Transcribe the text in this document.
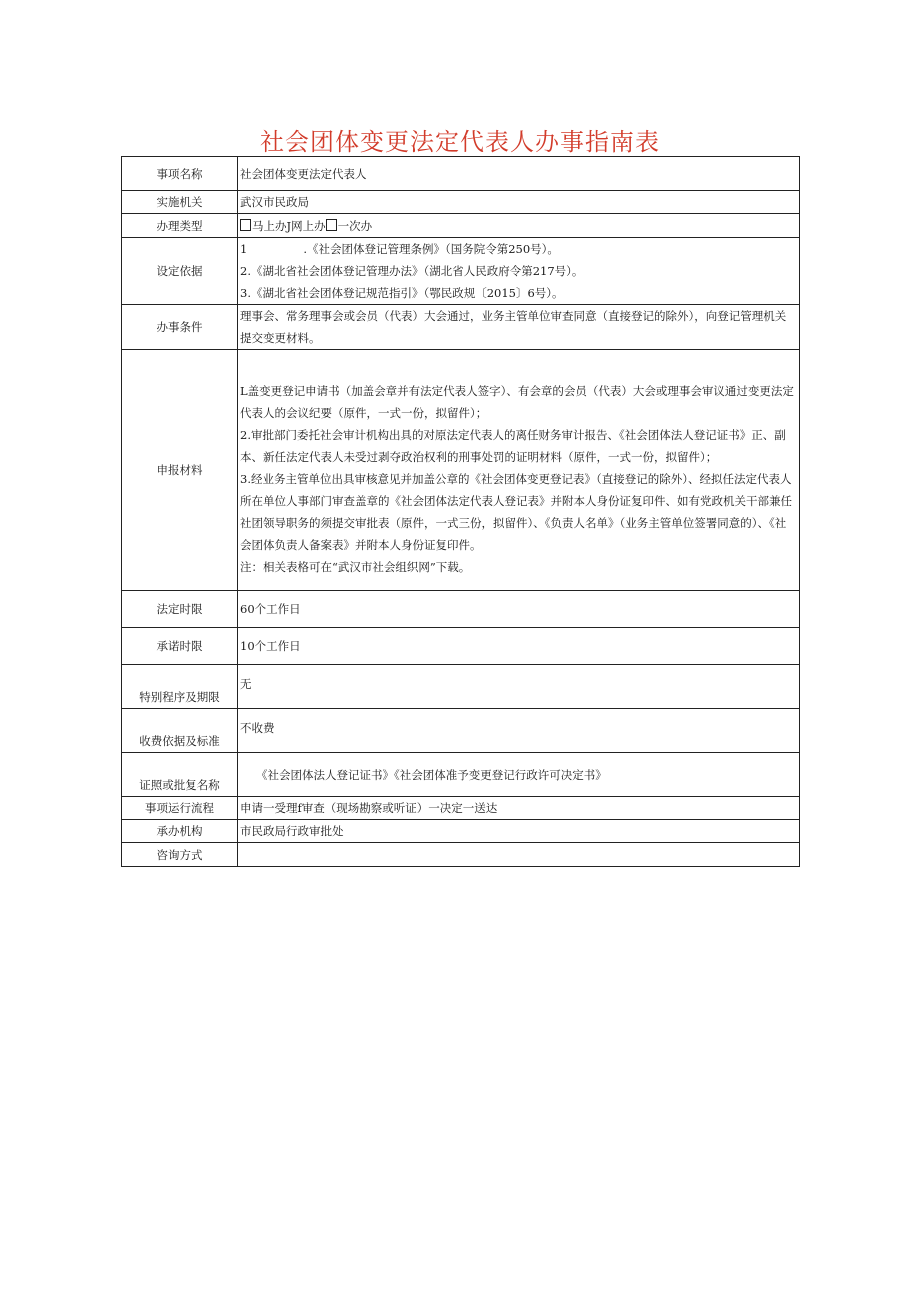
社会团体变更法定代表人办事指南表
事项名称	社会团体变更法定代表人
实施机关	武汉市民政局
办理类型	马上办J网上办 一次办
设定依据	1 .《社会团体登记管理条例》（国务院令第250号）。
2.《湖北省社会团体登记管理办法》（湖北省人民政府令第217号）。
3.《湖北省社会团体登记规范指引》（鄂民政规〔2015〕6号）。

办事条件	理事会、常务理事会或会员（代表）大会通过，业务主管单位审查同意（直接登记的除外），向登记管理机关提交变更材料。
申报材料	L盖变更登记申请书（加盖会章并有法定代表人签字）、有会章的会员（代表）大会或理事会审议通过变更法定代表人的会议纪要（原件，一式一份，拟留件）；
2.审批部门委托社会审计机构出具的对原法定代表人的离任财务审计报告、《社会团体法人登记证书》正、副本、新任法定代表人未受过剥夺政治权利的刑事处罚的证明材料（原件，一式一份，拟留件）；
3.经业务主管单位出具审核意见并加盖公章的《社会团体变更登记表》（直接登记的除外）、经拟任法定代表人所在单位人事部门审查盖章的《社会团体法定代表人登记表》并附本人身份证复印件、如有党政机关干部兼任社团领导职务的须提交审批表（原件，一式三份，拟留件）、《负责人名单》（业务主管单位签署同意的）、《社会团体负责人备案表》并附本人身份证复印件。
注：相关表格可在“武汉市社会组织网”下载。

法定时限	60个工作日
承诺时限	10个工作日
特别程序及期限	无
收费依据及标准	不收费
证照或批复名称	《社会团体法人登记证书》《社会团体准予变更登记行政许可决定书》
事项运行流程	申请一受理f审查（现场勘察或听证）一决定一送达
承办机构	市民政局行政审批处
咨询方式	
